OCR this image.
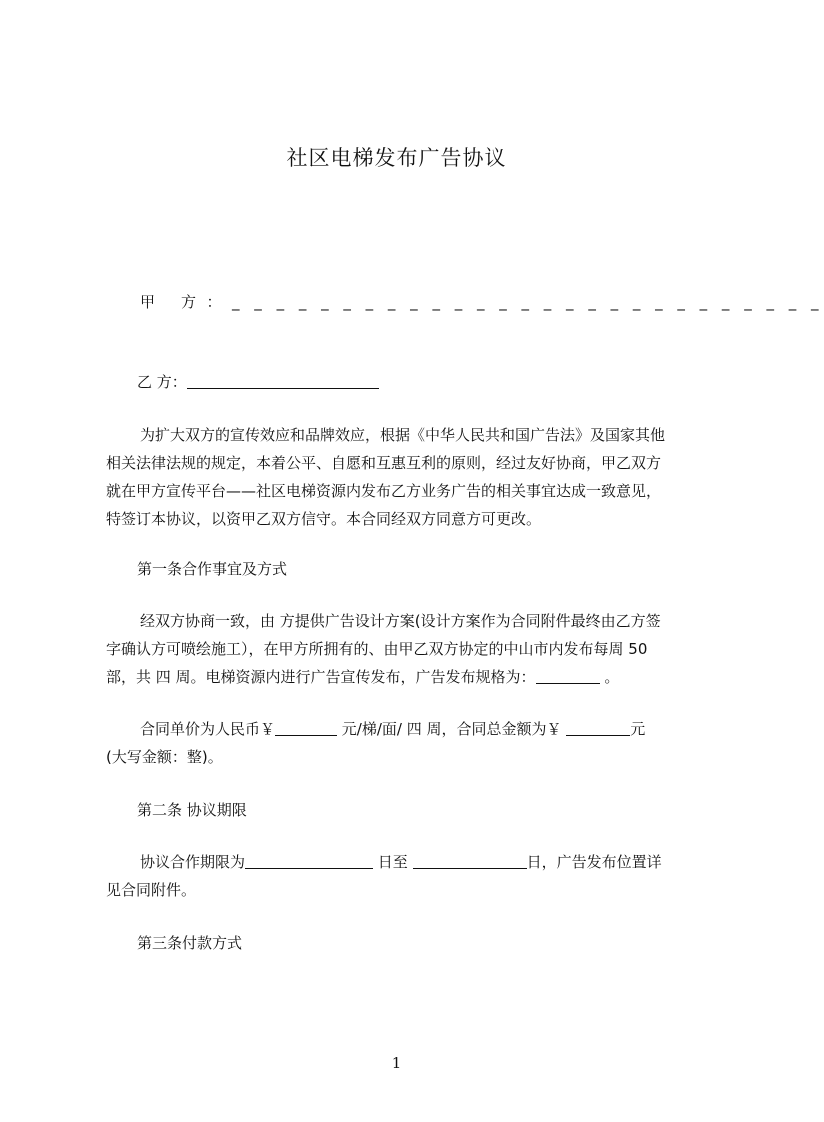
社区电梯发布广告协议
甲 方 ： _ _ _ _ _ _ _ _ _ _ _ _ _ _ _ _ _ _ _ _ _ _ _ _ _ _ _
乙 方：
为扩大双方的宣传效应和品牌效应，根据《中华人民共和国广告法》及国家其他
相关法律法规的规定，本着公平、自愿和互惠互利的原则，经过友好协商，甲乙双方
就在甲方宣传平台——社区电梯资源内发布乙方业务广告的相关事宜达成一致意见，
特签订本协议，以资甲乙双方信守。本合同经双方同意方可更改。
第一条合作事宜及方式
经双方协商一致，由 方提供广告设计方案(设计方案作为合同附件最终由乙方签
字确认方可喷绘施工），在甲方所拥有的、由甲乙双方协定的中山市内发布每周 50
部，共 四 周。电梯资源内进行广告宣传发布，广告发布规格为：	。
合同单价为人民币￥	元/梯/面/ 四 周，合同总金额为￥	元
(大写金额：整)。
第二条 协议期限
协议合作期限为	日至	日，广告发布位置详
见合同附件。
第三条付款方式
1
